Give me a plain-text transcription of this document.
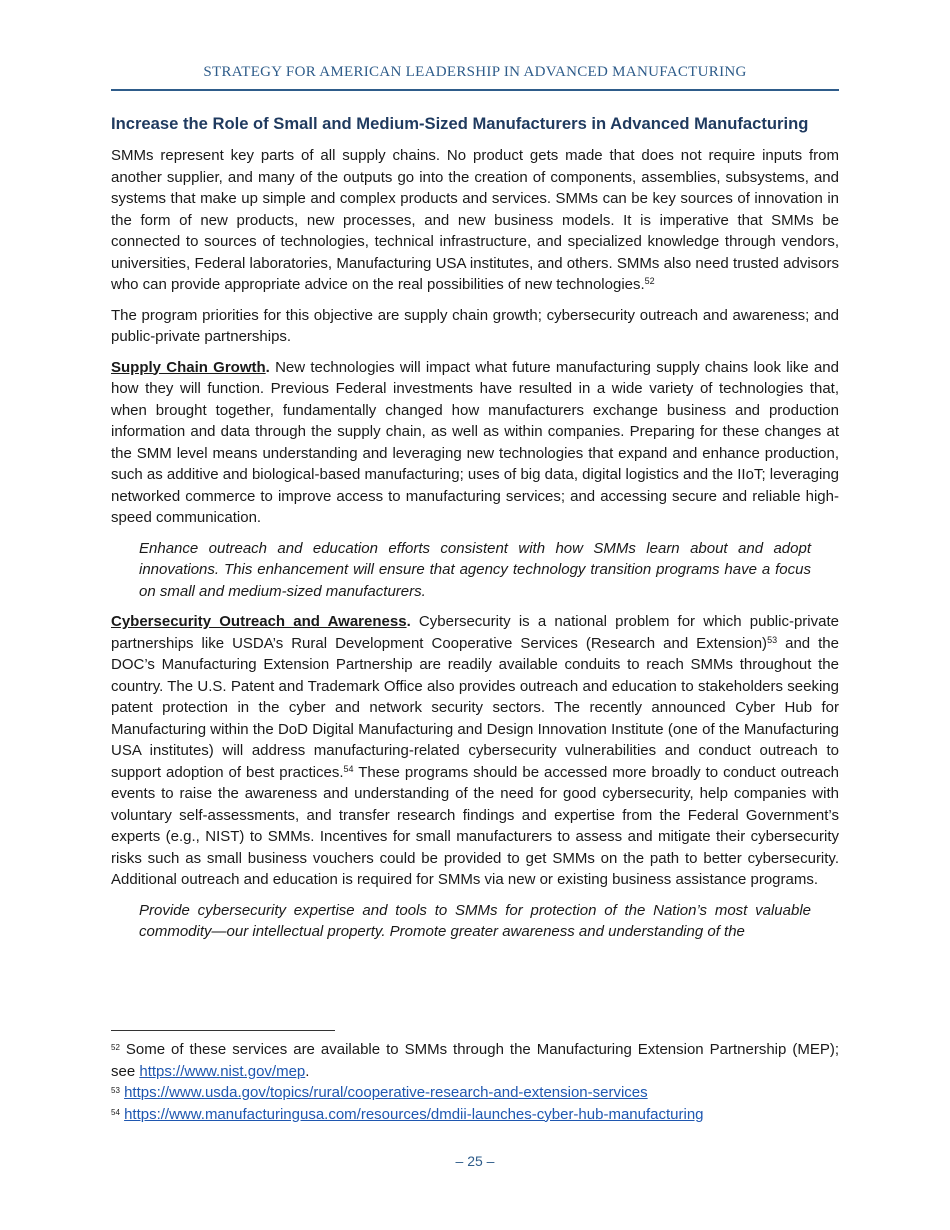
STRATEGY FOR AMERICAN LEADERSHIP IN ADVANCED MANUFACTURING
Increase the Role of Small and Medium-Sized Manufacturers in Advanced Manufacturing

SMMs represent key parts of all supply chains. No product gets made that does not require inputs from another supplier, and many of the outputs go into the creation of components, assemblies, subsystems, and systems that make up simple and complex products and services. SMMs can be key sources of innovation in the form of new products, new processes, and new business models. It is imperative that SMMs be connected to sources of technologies, technical infrastructure, and specialized knowledge through vendors, universities, Federal laboratories, Manufacturing USA institutes, and others. SMMs also need trusted advisors who can provide appropriate advice on the real possibilities of new technologies.$^{52}$

The program priorities for this objective are supply chain growth; cybersecurity outreach and awareness; and public-private partnerships.

Supply Chain Growth. New technologies will impact what future manufacturing supply chains look like and how they will function. Previous Federal investments have resulted in a wide variety of technologies that, when brought together, fundamentally changed how manufacturers exchange business and production information and data through the supply chain, as well as within companies. Preparing for these changes at the SMM level means understanding and leveraging new technologies that expand and enhance production, such as additive and biological-based manufacturing; uses of big data, digital logistics and the IIoT; leveraging networked commerce to improve access to manufacturing services; and accessing secure and reliable high-speed communication.

Enhance outreach and education efforts consistent with how SMMs learn about and adopt innovations. This enhancement will ensure that agency technology transition programs have a focus on small and medium-sized manufacturers.

Cybersecurity Outreach and Awareness. Cybersecurity is a national problem for which public-private partnerships like USDA’s Rural Development Cooperative Services (Research and Extension)$^{53}$ and the DOC’s Manufacturing Extension Partnership are readily available conduits to reach SMMs throughout the country. The U.S. Patent and Trademark Office also provides outreach and education to stakeholders seeking patent protection in the cyber and network security sectors. The recently announced Cyber Hub for Manufacturing within the DoD Digital Manufacturing and Design Innovation Institute (one of the Manufacturing USA institutes) will address manufacturing-related cybersecurity vulnerabilities and conduct outreach to support adoption of best practices.$^{54}$ These programs should be accessed more broadly to conduct outreach events to raise the awareness and understanding of the need for good cybersecurity, help companies with voluntary self-assessments, and transfer research findings and expertise from the Federal Government’s experts (e.g., NIST) to SMMs. Incentives for small manufacturers to assess and mitigate their cybersecurity risks such as small business vouchers could be provided to get SMMs on the path to better cybersecurity. Additional outreach and education is required for SMMs via new or existing business assistance programs.

Provide cybersecurity expertise and tools to SMMs for protection of the Nation’s most valuable commodity—our intellectual property. Promote greater awareness and understanding of the

$^{52}$ Some of these services are available to SMMs through the Manufacturing Extension Partnership (MEP); see https://www.nist.gov/mep.

$^{53}$ https://www.usda.gov/topics/rural/cooperative-research-and-extension-services

$^{54}$ https://www.manufacturingusa.com/resources/dmdii-launches-cyber-hub-manufacturing

– 25 –
